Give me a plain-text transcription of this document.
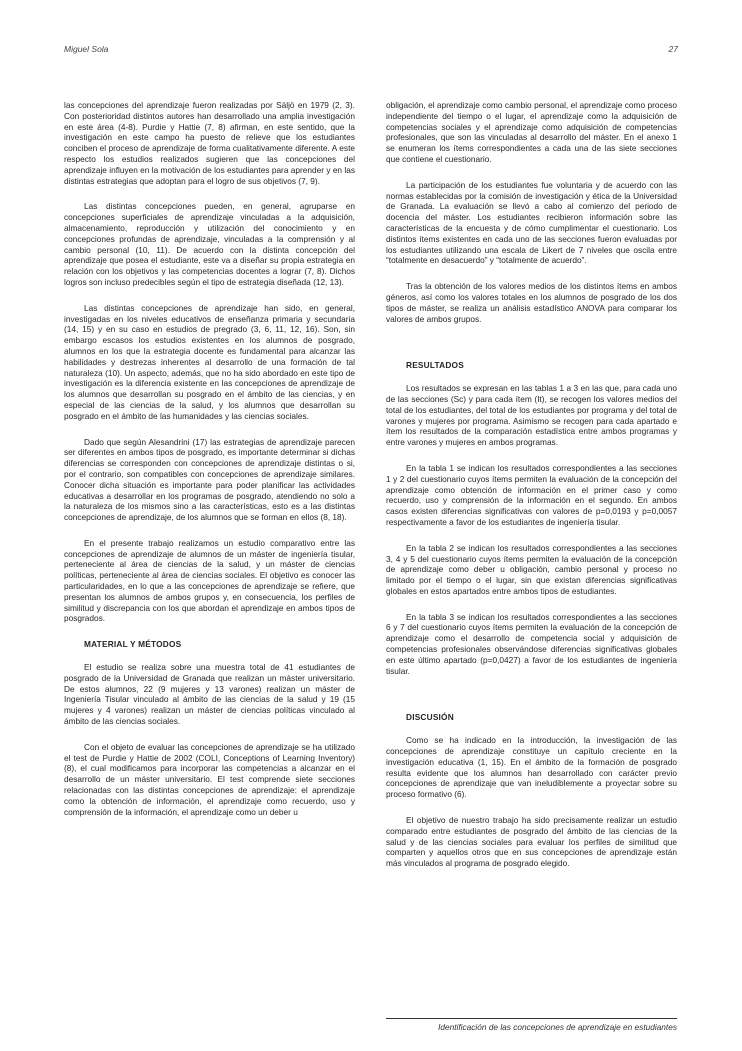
Miguel Sola	27

las concepciones del aprendizaje fueron realizadas por Säljö en 1979 (2, 3). Con posterioridad distintos autores han desarrollado una amplia investigación en este área (4-8). Purdie y Hattie (7, 8) afirman, en este sentido, que la investigación en este campo ha puesto de relieve que los estudiantes conciben el proceso de aprendizaje de forma cualitativamente diferente. A este respecto los estudios realizados sugieren que las concepciones del aprendizaje influyen en la motivación de los estudiantes para aprender y en las distintas estrategias que adoptan para el logro de sus objetivos (7, 9).

Las distintas concepciones pueden, en general, agruparse en concepciones superficiales de aprendizaje vinculadas a la adquisición, almacenamiento, reproducción y utilización del conocimiento y en concepciones profundas de aprendizaje, vinculadas a la comprensión y al cambio personal (10, 11). De acuerdo con la distinta concepción del aprendizaje que posea el estudiante, este va a diseñar su propia estrategia en relación con los objetivos y las competencias docentes a lograr (7, 8). Dichos logros son incluso predecibles según el tipo de estrategia diseñada (12, 13).

Las distintas concepciones de aprendizaje han sido, en general, investigadas en los niveles educativos de enseñanza primaria y secundaria (14, 15) y en su caso en estudios de pregrado (3, 6, 11, 12, 16). Son, sin embargo escasos los estudios existentes en los alumnos de posgrado, alumnos en los que la estrategia docente es fundamental para alcanzar las habilidades y destrezas inherentes al desarrollo de una formación de tal naturaleza (10). Un aspecto, además, que no ha sido abordado en este tipo de investigación es la diferencia existente en las concepciones de aprendizaje de los alumnos que desarrollan su posgrado en el ámbito de las ciencias, y en especial de las ciencias de la salud, y los alumnos que desarrollan su posgrado en el ámbito de las humanidades y las ciencias sociales.

Dado que según Alesandrini (17) las estrategias de aprendizaje parecen ser diferentes en ambos tipos de posgrado, es importante determinar si dichas diferencias se corresponden con concepciones de aprendizaje distintas o si, por el contrario, son compatibles con concepciones de aprendizaje similares. Conocer dicha situación es importante para poder planificar las actividades educativas a desarrollar en los programas de posgrado, atendiendo no solo a la naturaleza de los mismos sino a las características, esto es a las distintas concepciones de aprendizaje, de los alumnos que se forman en ellos (8, 18).

En el presente trabajo realizamos un estudio comparativo entre las concepciones de aprendizaje de alumnos de un máster de ingeniería tisular, perteneciente al área de ciencias de la salud, y un máster de ciencias políticas, perteneciente al área de ciencias sociales. El objetivo es conocer las particularidades, en lo que a las concepciones de aprendizaje se refiere, que presentan los alumnos de ambos grupos y, en consecuencia, los perfiles de similitud y discrepancia con los que abordan el aprendizaje en ambos tipos de posgrados.

MATERIAL Y MÉTODOS

El estudio se realiza sobre una muestra total de 41 estudiantes de posgrado de la Universidad de Granada que realizan un máster universitario. De estos alumnos, 22 (9 mujeres y 13 varones) realizan un máster de Ingeniería Tisular vinculado al ámbito de las ciencias de la salud y 19 (15 mujeres y 4 varones) realizan un máster de ciencias políticas vinculado al ámbito de las ciencias sociales.

Con el objeto de evaluar las concepciones de aprendizaje se ha utilizado el test de Purdie y Hattie de 2002 (COLI, Conceptions of Learning Inventory) (8), el cual modificamos para incorporar las competencias a alcanzar en el desarrollo de un máster universitario. El test comprende siete secciones relacionadas con las distintas concepciones de aprendizaje: el aprendizaje como la obtención de información, el aprendizaje como recuerdo, uso y comprensión de la información, el aprendizaje como un deber u

obligación, el aprendizaje como cambio personal, el aprendizaje como proceso independiente del tiempo o el lugar, el aprendizaje como la adquisición de competencias sociales y el aprendizaje como adquisición de competencias profesionales, que son las vinculadas al desarrollo del máster. En el anexo 1 se enumeran los ítems correspondientes a cada una de las siete secciones que contiene el cuestionario.

La participación de los estudiantes fue voluntaria y de acuerdo con las normas establecidas por la comisión de investigación y ética de la Universidad de Granada. La evaluación se llevó a cabo al comienzo del periodo de docencia del máster. Los estudiantes recibieron información sobre las características de la encuesta y de cómo cumplimentar el cuestionario. Los distintos ítems existentes en cada uno de las secciones fueron evaluadas por los estudiantes utilizando una escala de Likert de 7 niveles que oscila entre “totalmente en desacuerdo” y “totalmente de acuerdo”.

Tras la obtención de los valores medios de los distintos ítems en ambos géneros, así como los valores totales en los alumnos de posgrado de los dos tipos de máster, se realiza un análisis estadístico ANOVA para comparar los valores de ambos grupos.

RESULTADOS

Los resultados se expresan en las tablas 1 a 3 en las que, para cada uno de las secciones (Sc) y para cada ítem (It), se recogen los valores medios del total de los estudiantes, del total de los estudiantes por programa y del total de varones y mujeres por programa. Asimismo se recogen para cada apartado e ítem los resultados de la comparación estadística entre ambos programas y entre varones y mujeres en ambos programas.

En la tabla 1 se indican los resultados correspondientes a las secciones 1 y 2 del cuestionario cuyos ítems permiten la evaluación de la concepción del aprendizaje como obtención de información en el primer caso y como recuerdo, uso y comprensión de la información en el segundo. En ambos casos existen diferencias significativas con valores de p=0,0193 y p=0,0057 respectivamente a favor de los estudiantes de ingeniería tisular.

En la tabla 2 se indican los resultados correspondientes a las secciones 3, 4 y 5 del cuestionario cuyos ítems permiten la evaluación de la concepción de aprendizaje como deber u obligación, cambio personal y proceso no limitado por el tiempo o el lugar, sin que existan diferencias significativas globales en estos apartados entre ambos tipos de estudiantes.

En la tabla 3 se indican los resultados correspondientes a las secciones 6 y 7 del cuestionario cuyos ítems permiten la evaluación de la concepción de aprendizaje como el desarrollo de competencia social y adquisición de competencias profesionales observándose diferencias significativas globales en este último apartado (p=0,0427) a favor de los estudiantes de ingeniería tisular.

DISCUSIÓN

Como se ha indicado en la introducción, la investigación de las concepciones de aprendizaje constituye un capítulo creciente en la investigación educativa (1, 15). En el ámbito de la formación de posgrado resulta evidente que los alumnos han desarrollado con carácter previo concepciones de aprendizaje que van ineludiblemente a proyectar sobre su proceso formativo (6).

El objetivo de nuestro trabajo ha sido precisamente realizar un estudio comparado entre estudiantes de posgrado del ámbito de las ciencias de la salud y de las ciencias sociales para evaluar los perfiles de similitud que comparten y aquellos otros que en sus concepciones de aprendizaje están más vinculados al programa de posgrado elegido.

Identificación de las concepciones de aprendizaje en estudiantes
